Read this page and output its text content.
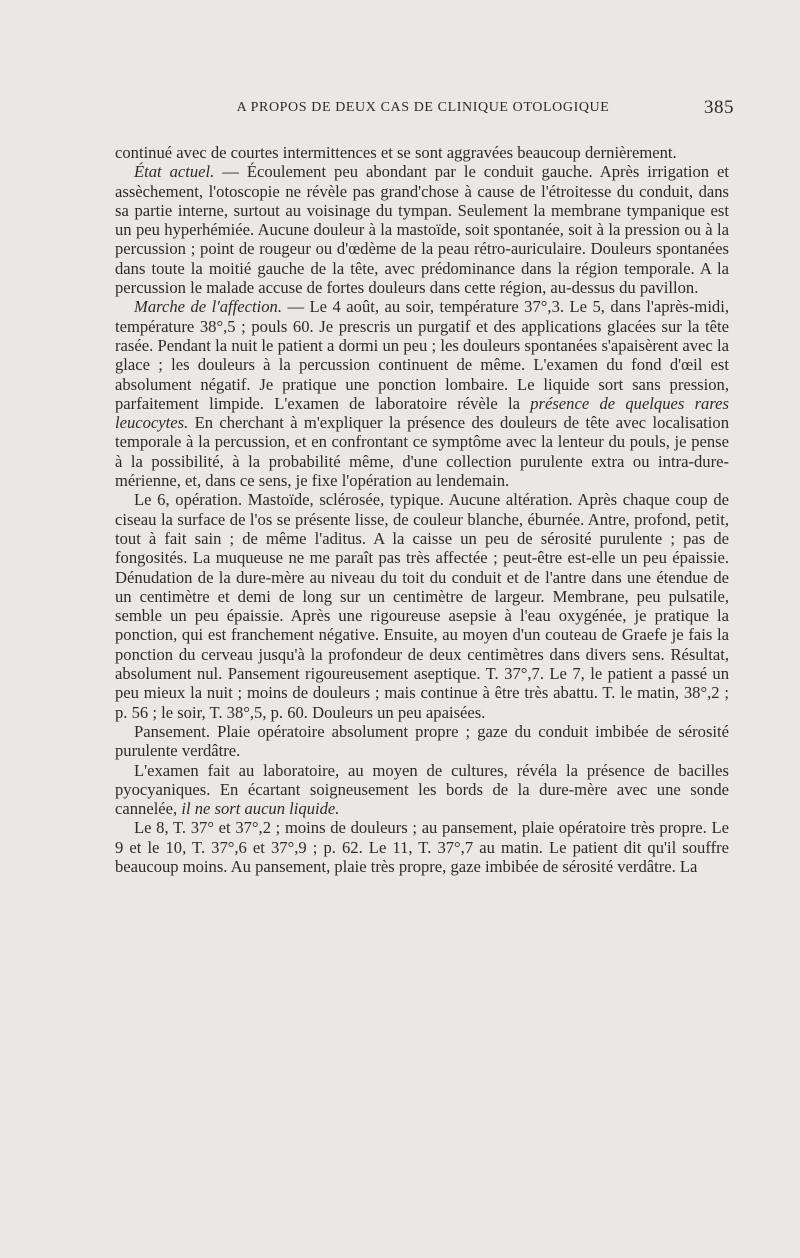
A PROPOS DE DEUX CAS DE CLINIQUE OTOLOGIQUE	385

continué avec de courtes intermittences et se sont aggravées beaucoup dernièrement.

État actuel. — Écoulement peu abondant par le conduit gauche. Après irrigation et assèchement, l'otoscopie ne révèle pas grand'chose à cause de l'étroitesse du conduit, dans sa partie interne, surtout au voisinage du tympan. Seulement la membrane tympanique est un peu hyperhémiée. Aucune douleur à la mastoïde, soit spontanée, soit à la pression ou à la percussion ; point de rougeur ou d'œdème de la peau rétro-auriculaire. Douleurs spontanées dans toute la moitié gauche de la tête, avec prédominance dans la région temporale. A la percussion le malade accuse de fortes douleurs dans cette région, au-dessus du pavillon.

Marche de l'affection. — Le 4 août, au soir, température 37°,3. Le 5, dans l'après-midi, température 38°,5 ; pouls 60. Je prescris un purgatif et des applications glacées sur la tête rasée. Pendant la nuit le patient a dormi un peu ; les douleurs spontanées s'apaisèrent avec la glace ; les douleurs à la percussion continuent de même. L'examen du fond d'œil est absolument négatif. Je pratique une ponction lombaire. Le liquide sort sans pression, parfaitement limpide. L'examen de laboratoire révèle la présence de quelques rares leucocytes. En cherchant à m'expliquer la présence des douleurs de tête avec localisation temporale à la percussion, et en confrontant ce symptôme avec la lenteur du pouls, je pense à la possibilité, à la probabilité même, d'une collection purulente extra ou intra-dure-mérienne, et, dans ce sens, je fixe l'opération au lendemain.

Le 6, opération. Mastoïde, sclérosée, typique. Aucune altération. Après chaque coup de ciseau la surface de l'os se présente lisse, de couleur blanche, éburnée. Antre, profond, petit, tout à fait sain ; de même l'aditus. A la caisse un peu de sérosité purulente ; pas de fongosités. La muqueuse ne me paraît pas très affectée ; peut-être est-elle un peu épaissie. Dénudation de la dure-mère au niveau du toit du conduit et de l'antre dans une étendue de un centimètre et demi de long sur un centimètre de largeur. Membrane, peu pulsatile, semble un peu épaissie. Après une rigoureuse asepsie à l'eau oxygénée, je pratique la ponction, qui est franchement négative. Ensuite, au moyen d'un couteau de Graefe je fais la ponction du cerveau jusqu'à la profondeur de deux centimètres dans divers sens. Résultat, absolument nul. Pansement rigoureusement aseptique. T. 37°,7. Le 7, le patient a passé un peu mieux la nuit ; moins de douleurs ; mais continue à être très abattu. T. le matin, 38°,2 ; p. 56 ; le soir, T. 38°,5, p. 60. Douleurs un peu apaisées.

Pansement. Plaie opératoire absolument propre ; gaze du conduit imbibée de sérosité purulente verdâtre.

L'examen fait au laboratoire, au moyen de cultures, révéla la présence de bacilles pyocyaniques. En écartant soigneusement les bords de la dure-mère avec une sonde cannelée, il ne sort aucun liquide.

Le 8, T. 37° et 37°,2 ; moins de douleurs ; au pansement, plaie opératoire très propre. Le 9 et le 10, T. 37°,6 et 37°,9 ; p. 62. Le 11, T. 37°,7 au matin. Le patient dit qu'il souffre beaucoup moins. Au pansement, plaie très propre, gaze imbibée de sérosité verdâtre. La
